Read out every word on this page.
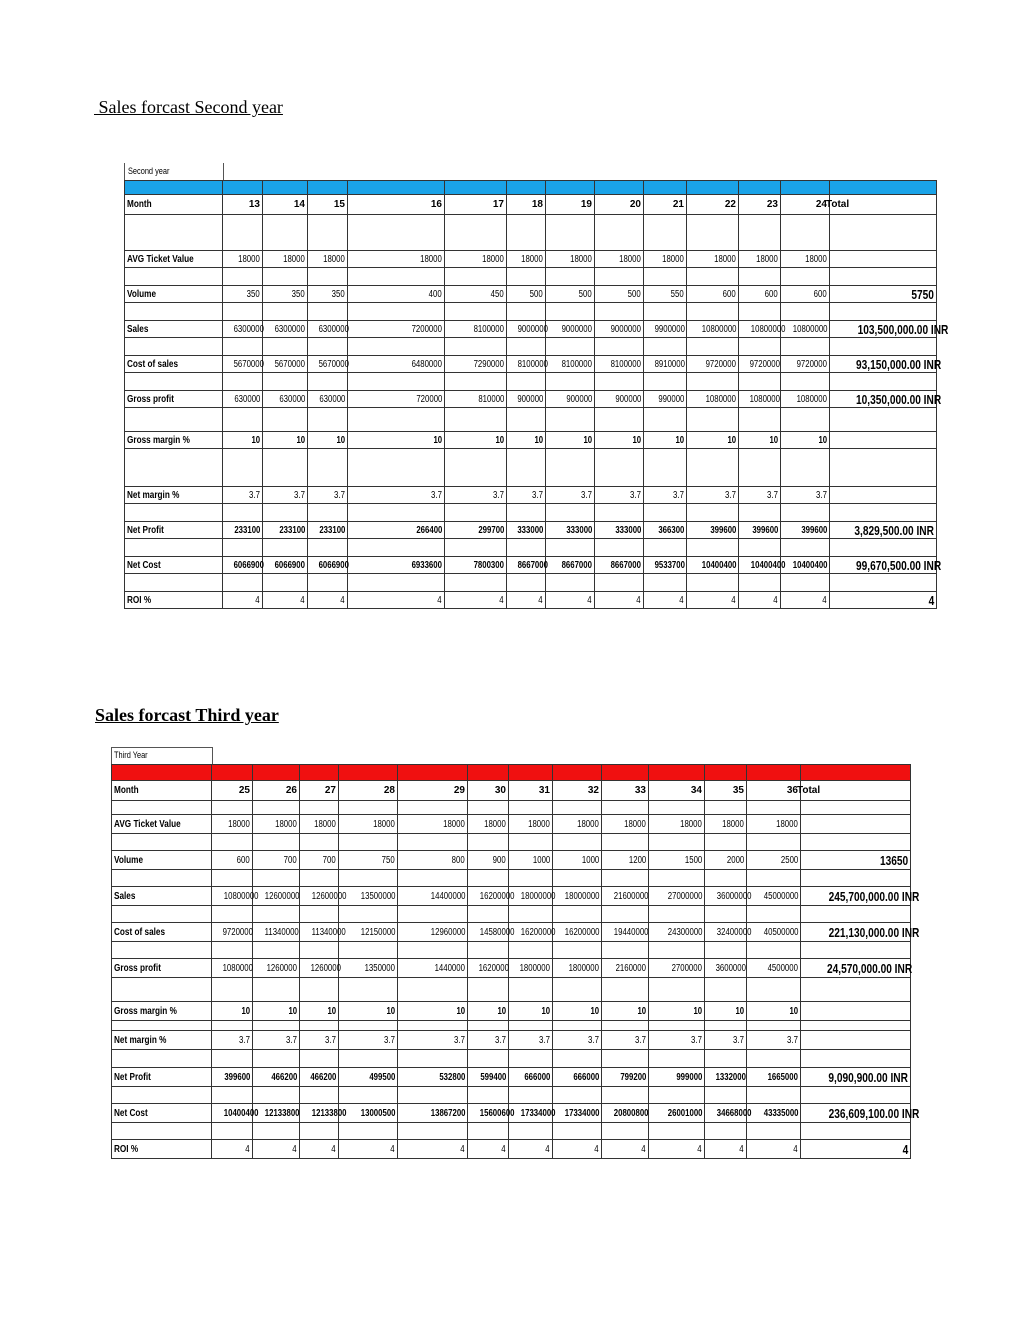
Sales forcast Second year
Second year

Month	13	14	15	16	17	18	19	20	21	22	23	24	Total

AVG Ticket Value	18000	18000	18000	18000	18000	18000	18000	18000	18000	18000	18000	18000	

Volume	350	350	350	400	450	500	500	500	550	600	600	600	5750

Sales	6300000	6300000	6300000	7200000	8100000	9000000	9000000	9000000	9900000	10800000	10800000	10800000	103,500,000.00 INR

Cost of sales	5670000	5670000	5670000	6480000	7290000	8100000	8100000	8100000	8910000	9720000	9720000	9720000	93,150,000.00 INR

Gross profit	630000	630000	630000	720000	810000	900000	900000	900000	990000	1080000	1080000	1080000	10,350,000.00 INR

Gross margin %	10	10	10	10	10	10	10	10	10	10	10	10	

Net margin %	3.7	3.7	3.7	3.7	3.7	3.7	3.7	3.7	3.7	3.7	3.7	3.7	

Net Profit	233100	233100	233100	266400	299700	333000	333000	333000	366300	399600	399600	399600	3,829,500.00 INR

Net Cost	6066900	6066900	6066900	6933600	7800300	8667000	8667000	8667000	9533700	10400400	10400400	10400400	99,670,500.00 INR

ROI %	4	4	4	4	4	4	4	4	4	4	4	4	4
Sales forcast Third year
Third Year

Month	25	26	27	28	29	30	31	32	33	34	35	36	Total

AVG Ticket Value	18000	18000	18000	18000	18000	18000	18000	18000	18000	18000	18000	18000	

Volume	600	700	700	750	800	900	1000	1000	1200	1500	2000	2500	13650

Sales	10800000	12600000	12600000	13500000	14400000	16200000	18000000	18000000	21600000	27000000	36000000	45000000	245,700,000.00 INR

Cost of sales	9720000	11340000	11340000	12150000	12960000	14580000	16200000	16200000	19440000	24300000	32400000	40500000	221,130,000.00 INR

Gross profit	1080000	1260000	1260000	1350000	1440000	1620000	1800000	1800000	2160000	2700000	3600000	4500000	24,570,000.00 INR

Gross margin %	10	10	10	10	10	10	10	10	10	10	10	10	

Net margin %	3.7	3.7	3.7	3.7	3.7	3.7	3.7	3.7	3.7	3.7	3.7	3.7	

Net Profit	399600	466200	466200	499500	532800	599400	666000	666000	799200	999000	1332000	1665000	9,090,900.00 INR

Net Cost	10400400	12133800	12133800	13000500	13867200	15600600	17334000	17334000	20800800	26001000	34668000	43335000	236,609,100.00 INR

ROI %	4	4	4	4	4	4	4	4	4	4	4	4	4
